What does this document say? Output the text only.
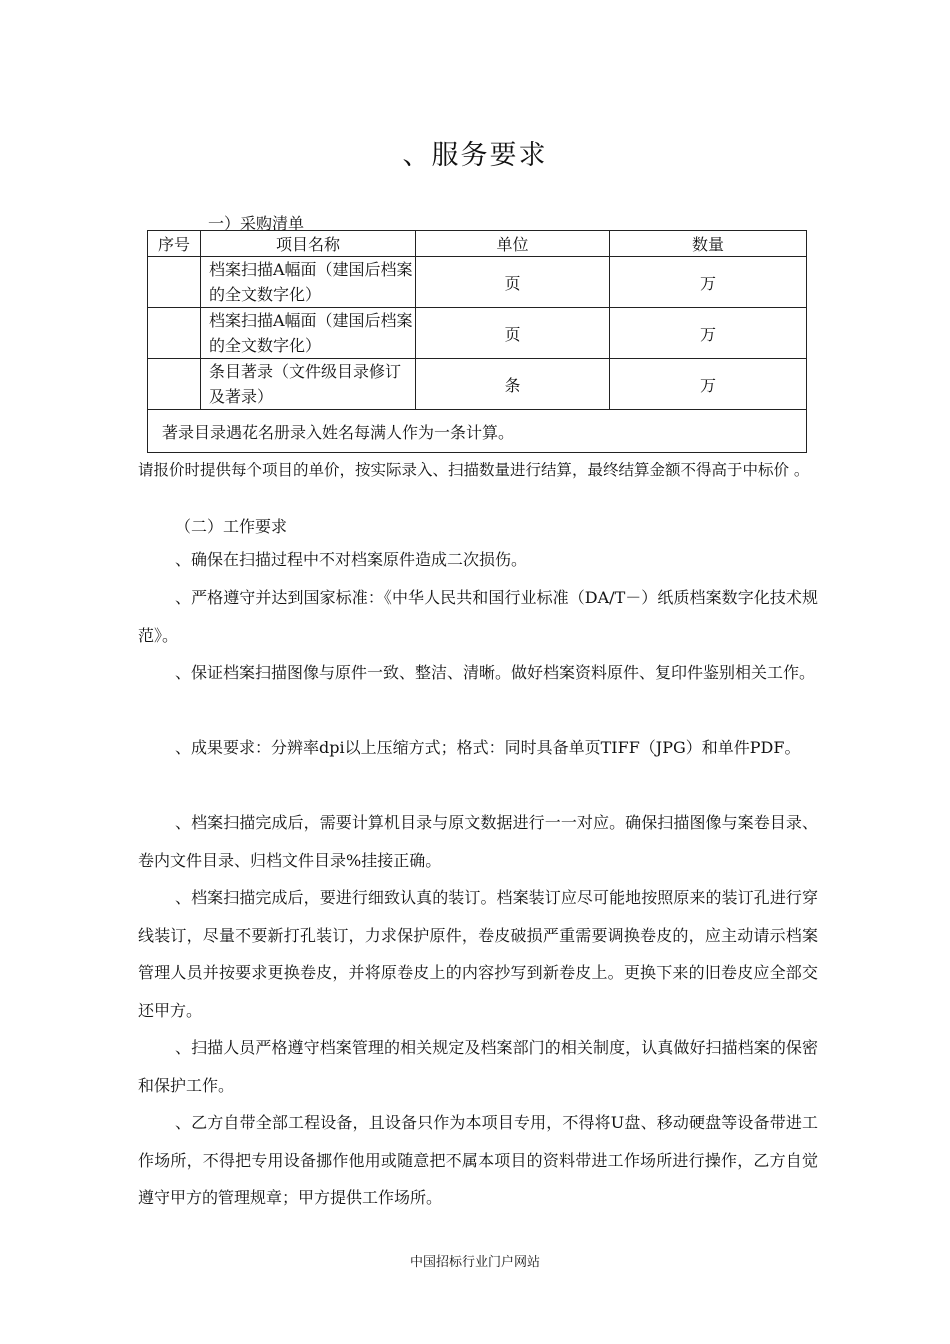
、服务要求
一）采购清单
序号	项目名称	单位	数量
	档案扫描A幅面（建国后档案的全文数字化）	页	万
	档案扫描A幅面（建国后档案的全文数字化）	页	万
	条目著录（文件级目录修订及著录）	条	万
著录目录遇花名册录入姓名每满人作为一条计算。			
请报价时提供每个项目的单价，按实际录入、扫描数量进行结算，最终结算金额不得高于中标价 。
（二）工作要求

、确保在扫描过程中不对档案原件造成二次损伤。

、严格遵守并达到国家标准：《中华人民共和国行业标准（DA/T－）纸质档案数字化技术规范》。

、保证档案扫描图像与原件一致、整洁、清晰。做好档案资料原件、复印件鉴别相关工作。

、成果要求：分辨率dpi以上压缩方式；格式：同时具备单页TIFF（JPG）和单件PDF。

、档案扫描完成后，需要计算机目录与原文数据进行一一对应。确保扫描图像与案卷目录、卷内文件目录、归档文件目录%挂接正确。

、档案扫描完成后，要进行细致认真的装订。档案装订应尽可能地按照原来的装订孔进行穿线装订，尽量不要新打孔装订，力求保护原件，卷皮破损严重需要调换卷皮的，应主动请示档案管理人员并按要求更换卷皮，并将原卷皮上的内容抄写到新卷皮上。更换下来的旧卷皮应全部交还甲方。

、扫描人员严格遵守档案管理的相关规定及档案部门的相关制度，认真做好扫描档案的保密和保护工作。

、乙方自带全部工程设备，且设备只作为本项目专用，不得将U盘、移动硬盘等设备带进工作场所，不得把专用设备挪作他用或随意把不属本项目的资料带进工作场所进行操作，乙方自觉遵守甲方的管理规章；甲方提供工作场所。

中国招标行业门户网站
